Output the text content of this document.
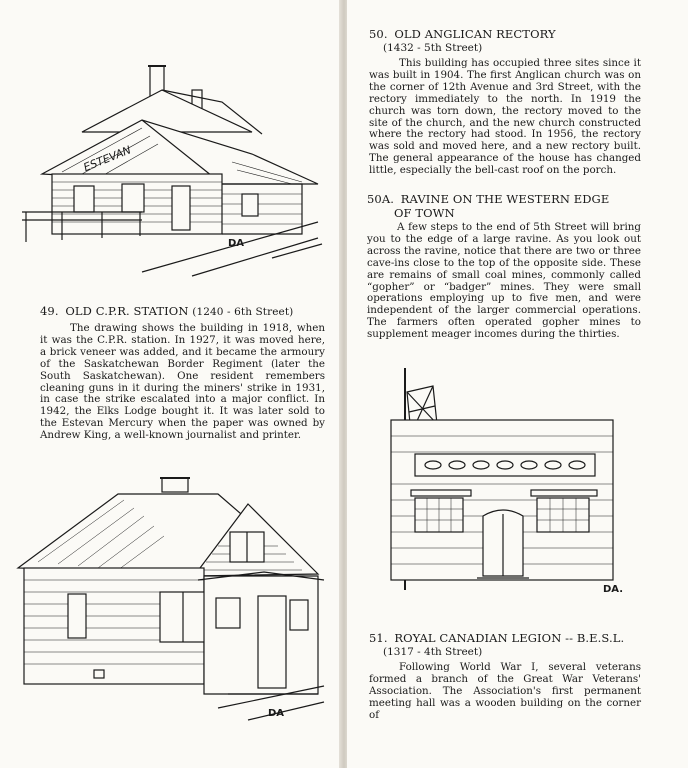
ESTEVAN
DA
49. OLD C.P.R. STATION (1240 - 6th Street)

The drawing shows the building in 1918, when it was the C.P.R. station. In 1927, it was moved here, a brick veneer was added, and it became the armoury of the Saskatchewan Border Regiment (later the South Saskatchewan). One resident remembers cleaning guns in it during the miners' strike in 1931, in case the strike escalated into a major conflict. In 1942, the Elks Lodge bought it. It was later sold to the Estevan Mercury when the paper was owned by Andrew King, a well-known journalist and printer.

DA
50. OLD ANGLICAN RECTORY
(1432 - 5th Street)

This building has occupied three sites since it was built in 1904. The first Anglican church was on the corner of 12th Avenue and 3rd Street, with the rectory immediately to the north. In 1919 the church was torn down, the rectory moved to the site of the church, and the new church constructed where the rectory had stood. In 1956, the rectory was sold and moved here, and a new rectory built. The general appearance of the house has changed little, especially the bell-cast roof on the porch.

50A. RAVINE ON THE WESTERN EDGE
OF TOWN

A few steps to the end of 5th Street will bring you to the edge of a large ravine. As you look out across the ravine, notice that there are two or three cave-ins close to the top of the opposite side. These are remains of small coal mines, commonly called “gopher” or “badger” mines. They were small operations employing up to five men, and were independent of the larger commercial operations. The farmers often operated gopher mines to supplement meager incomes during the thirties.

DA.
51. ROYAL CANADIAN LEGION -- B.E.S.L.
(1317 - 4th Street)

Following World War I, several veterans formed a branch of the Great War Veterans' Association. The Association's first permanent meeting hall was a wooden building on the corner of
